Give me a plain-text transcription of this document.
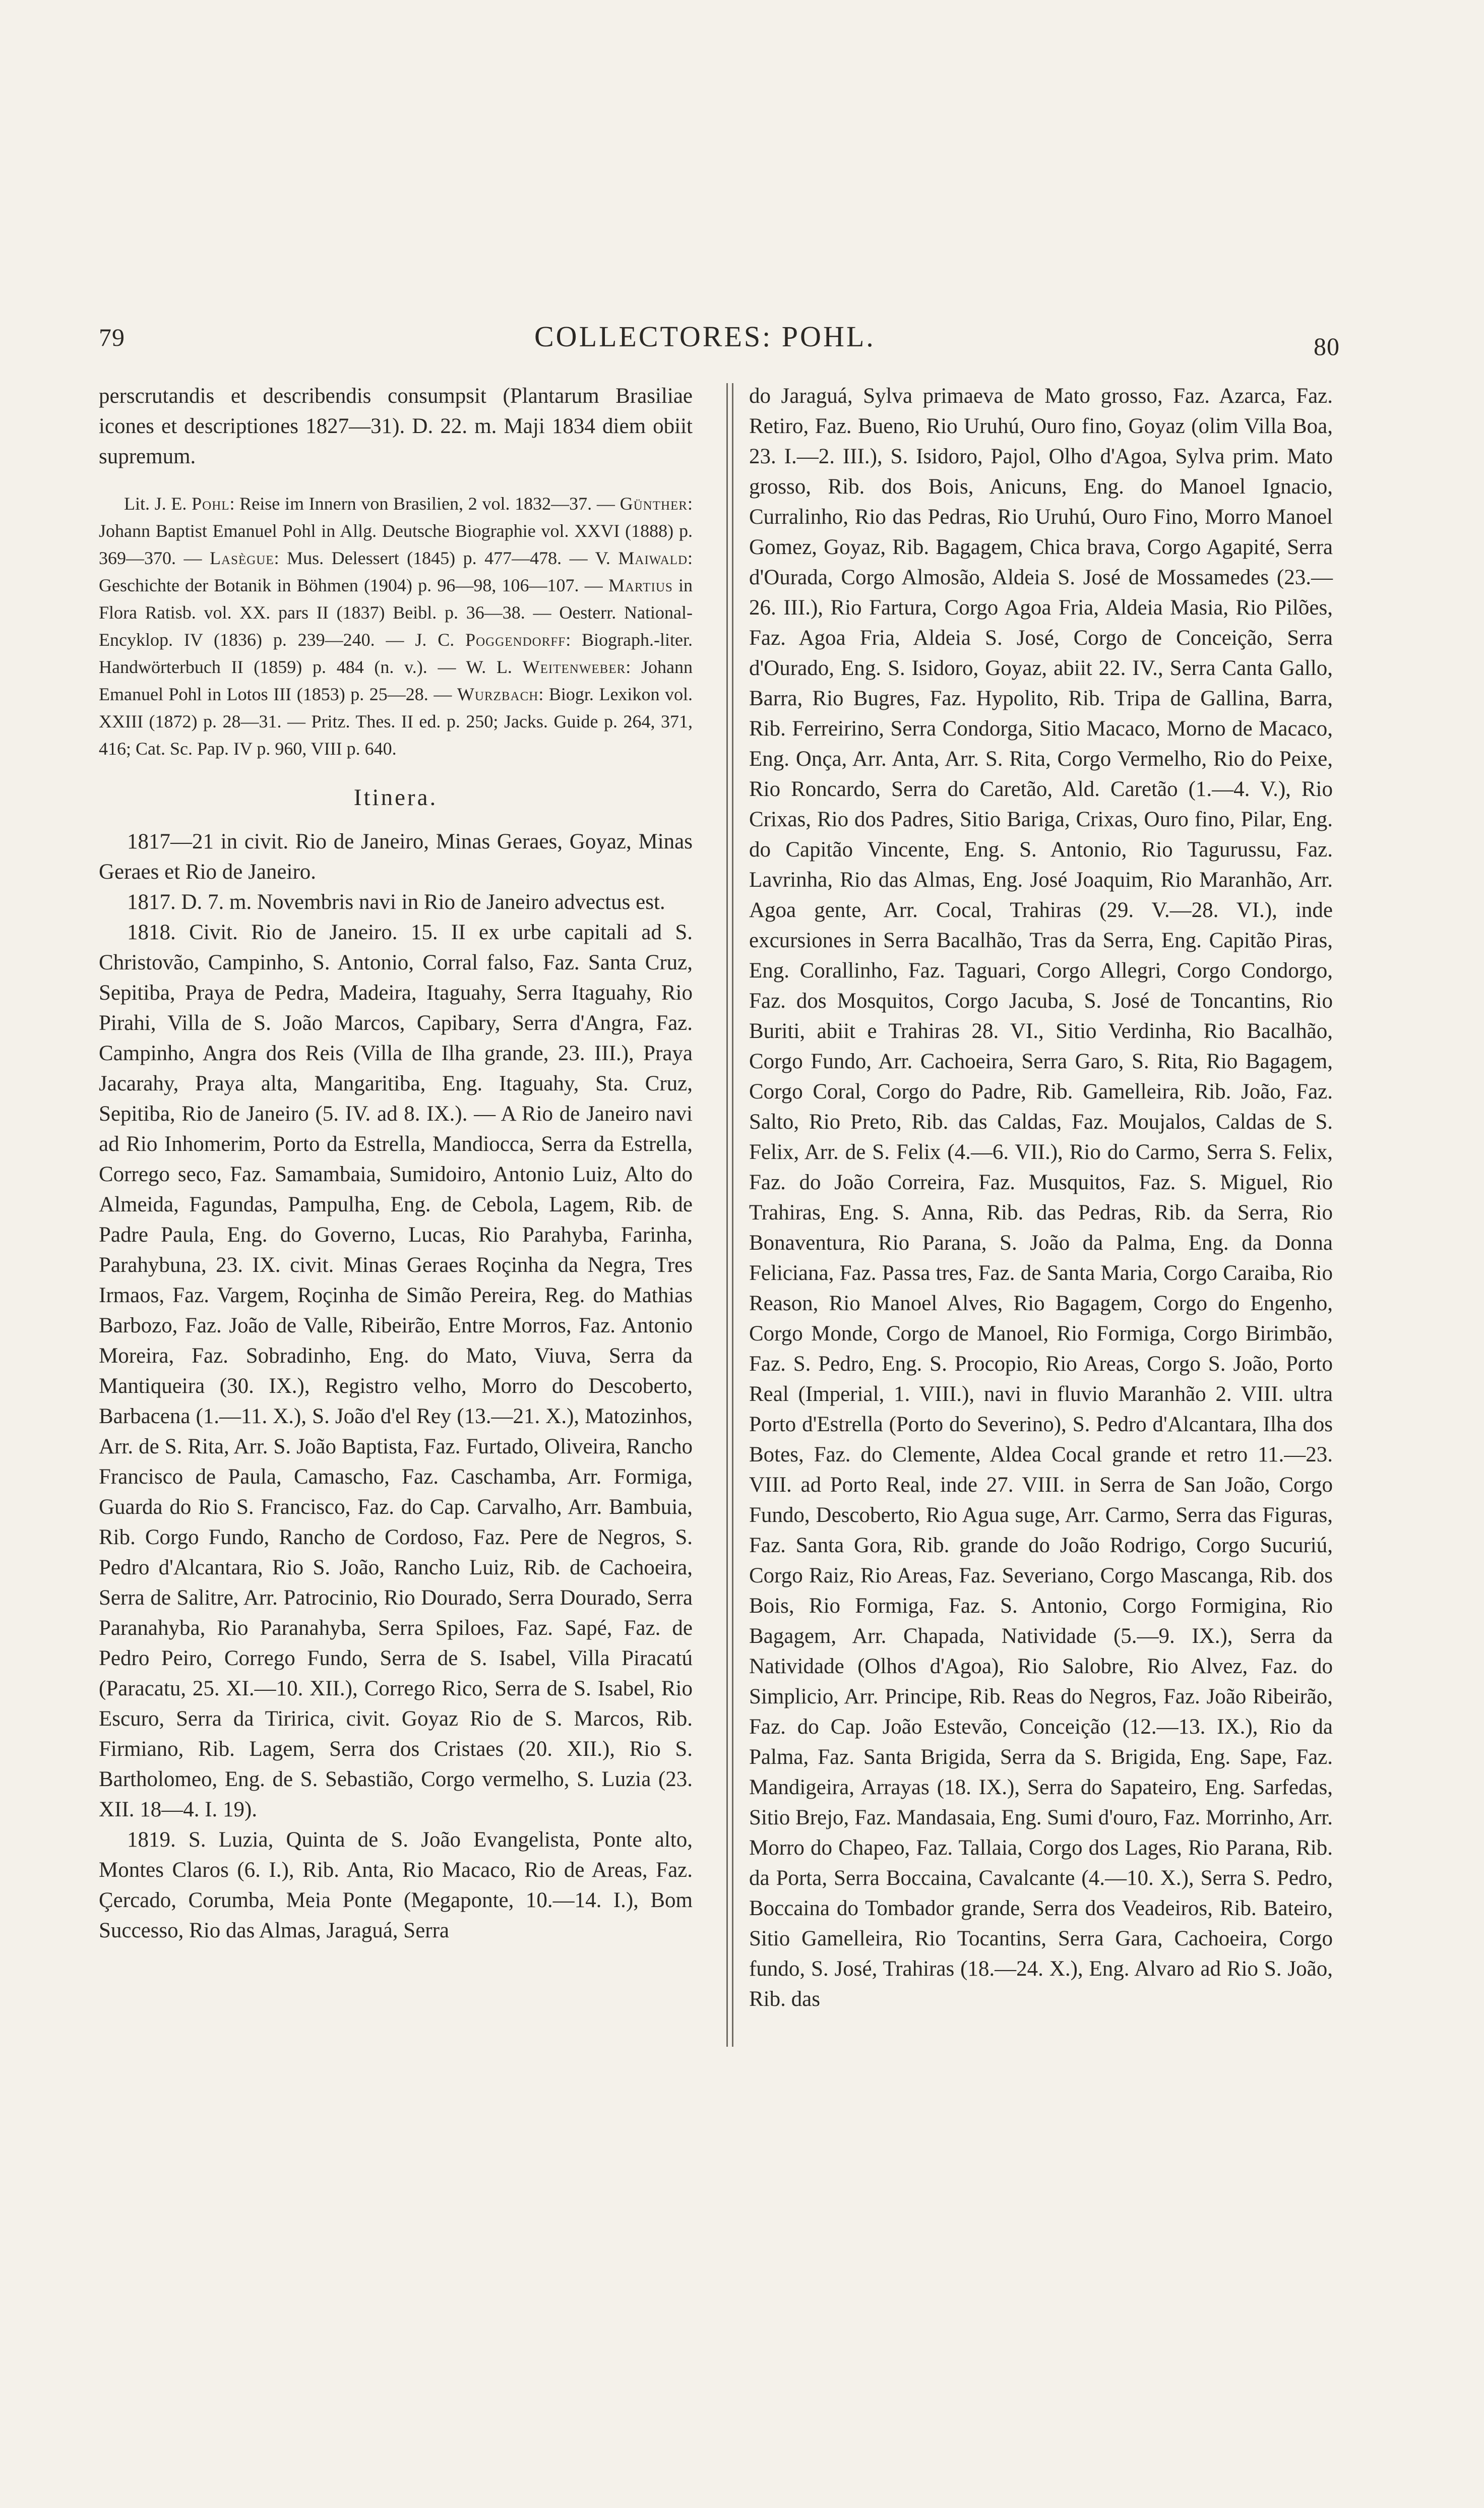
79	COLLECTORES: POHL.	80

perscrutandis et describendis consumpsit (Plantarum Brasiliae icones et descriptiones 1827—31). D. 22. m. Maji 1834 diem obiit supremum.

Lit. J. E. Pohl: Reise im Innern von Brasilien, 2 vol. 1832—37. — Günther: Johann Baptist Emanuel Pohl in Allg. Deutsche Biographie vol. XXVI (1888) p. 369—370. — Lasègue: Mus. Delessert (1845) p. 477—478. — V. Maiwald: Geschichte der Botanik in Böhmen (1904) p. 96—98, 106—107. — Martius in Flora Ratisb. vol. XX. pars II (1837) Beibl. p. 36—38. — Oesterr. National-Encyklop. IV (1836) p. 239—240. — J. C. Poggendorff: Biograph.-liter. Handwörterbuch II (1859) p. 484 (n. v.). — W. L. Weitenweber: Johann Emanuel Pohl in Lotos III (1853) p. 25—28. — Wurzbach: Biogr. Lexikon vol. XXIII (1872) p. 28—31. — Pritz. Thes. II ed. p. 250; Jacks. Guide p. 264, 371, 416; Cat. Sc. Pap. IV p. 960, VIII p. 640.

Itinera.

1817—21 in civit. Rio de Janeiro, Minas Geraes, Goyaz, Minas Geraes et Rio de Janeiro.

1817. D. 7. m. Novembris navi in Rio de Janeiro advectus est.

1818. Civit. Rio de Janeiro. 15. II ex urbe capitali ad S. Christovão, Campinho, S. Antonio, Corral falso, Faz. Santa Cruz, Sepitiba, Praya de Pedra, Madeira, Itaguahy, Serra Itaguahy, Rio Pirahi, Villa de S. João Marcos, Capibary, Serra d'Angra, Faz. Campinho, Angra dos Reis (Villa de Ilha grande, 23. III.), Praya Jacarahy, Praya alta, Mangaritiba, Eng. Itaguahy, Sta. Cruz, Sepitiba, Rio de Janeiro (5. IV. ad 8. IX.). — A Rio de Janeiro navi ad Rio Inhomerim, Porto da Estrella, Mandiocca, Serra da Estrella, Corrego seco, Faz. Samambaia, Sumidoiro, Antonio Luiz, Alto do Almeida, Fagundas, Pampulha, Eng. de Cebola, Lagem, Rib. de Padre Paula, Eng. do Governo, Lucas, Rio Parahyba, Farinha, Parahybuna, 23. IX. civit. Minas Geraes Roçinha da Negra, Tres Irmaos, Faz. Vargem, Roçinha de Simão Pereira, Reg. do Mathias Barbozo, Faz. João de Valle, Ribeirão, Entre Morros, Faz. Antonio Moreira, Faz. Sobradinho, Eng. do Mato, Viuva, Serra da Mantiqueira (30. IX.), Registro velho, Morro do Descoberto, Barbacena (1.—11. X.), S. João d'el Rey (13.—21. X.), Matozinhos, Arr. de S. Rita, Arr. S. João Baptista, Faz. Furtado, Oliveira, Rancho Francisco de Paula, Camascho, Faz. Caschamba, Arr. Formiga, Guarda do Rio S. Francisco, Faz. do Cap. Carvalho, Arr. Bambuia, Rib. Corgo Fundo, Rancho de Cordoso, Faz. Pere de Negros, S. Pedro d'Alcantara, Rio S. João, Rancho Luiz, Rib. de Cachoeira, Serra de Salitre, Arr. Patrocinio, Rio Dourado, Serra Dourado, Serra Paranahyba, Rio Paranahyba, Serra Spiloes, Faz. Sapé, Faz. de Pedro Peiro, Corrego Fundo, Serra de S. Isabel, Villa Piracatú (Paracatu, 25. XI.—10. XII.), Corrego Rico, Serra de S. Isabel, Rio Escuro, Serra da Tiririca, civit. Goyaz Rio de S. Marcos, Rib. Firmiano, Rib. Lagem, Serra dos Cristaes (20. XII.), Rio S. Bartholomeo, Eng. de S. Sebastião, Corgo vermelho, S. Luzia (23. XII. 18—4. I. 19).

1819. S. Luzia, Quinta de S. João Evangelista, Ponte alto, Montes Claros (6. I.), Rib. Anta, Rio Macaco, Rio de Areas, Faz. Çercado, Corumba, Meia Ponte (Megaponte, 10.—14. I.), Bom Successo, Rio das Almas, Jaraguá, Serra

do Jaraguá, Sylva primaeva de Mato grosso, Faz. Azarca, Faz. Retiro, Faz. Bueno, Rio Uruhú, Ouro fino, Goyaz (olim Villa Boa, 23. I.—2. III.), S. Isidoro, Pajol, Olho d'Agoa, Sylva prim. Mato grosso, Rib. dos Bois, Anicuns, Eng. do Manoel Ignacio, Curralinho, Rio das Pedras, Rio Uruhú, Ouro Fino, Morro Manoel Gomez, Goyaz, Rib. Bagagem, Chica brava, Corgo Agapité, Serra d'Ourada, Corgo Almosão, Aldeia S. José de Mossamedes (23.—26. III.), Rio Fartura, Corgo Agoa Fria, Aldeia Masia, Rio Pilões, Faz. Agoa Fria, Aldeia S. José, Corgo de Conceição, Serra d'Ourado, Eng. S. Isidoro, Goyaz, abiit 22. IV., Serra Canta Gallo, Barra, Rio Bugres, Faz. Hypolito, Rib. Tripa de Gallina, Barra, Rib. Ferreirino, Serra Condorga, Sitio Macaco, Morno de Macaco, Eng. Onça, Arr. Anta, Arr. S. Rita, Corgo Vermelho, Rio do Peixe, Rio Roncardo, Serra do Caretão, Ald. Caretão (1.—4. V.), Rio Crixas, Rio dos Padres, Sitio Bariga, Crixas, Ouro fino, Pilar, Eng. do Capitão Vincente, Eng. S. Antonio, Rio Tagurussu, Faz. Lavrinha, Rio das Almas, Eng. José Joaquim, Rio Maranhão, Arr. Agoa gente, Arr. Cocal, Trahiras (29. V.—28. VI.), inde excursiones in Serra Bacalhão, Tras da Serra, Eng. Capitão Piras, Eng. Corallinho, Faz. Taguari, Corgo Allegri, Corgo Condorgo, Faz. dos Mosquitos, Corgo Jacuba, S. José de Toncantins, Rio Buriti, abiit e Trahiras 28. VI., Sitio Verdinha, Rio Bacalhão, Corgo Fundo, Arr. Cachoeira, Serra Garo, S. Rita, Rio Bagagem, Corgo Coral, Corgo do Padre, Rib. Gamelleira, Rib. João, Faz. Salto, Rio Preto, Rib. das Caldas, Faz. Moujalos, Caldas de S. Felix, Arr. de S. Felix (4.—6. VII.), Rio do Carmo, Serra S. Felix, Faz. do João Correira, Faz. Musquitos, Faz. S. Miguel, Rio Trahiras, Eng. S. Anna, Rib. das Pedras, Rib. da Serra, Rio Bonaventura, Rio Parana, S. João da Palma, Eng. da Donna Feliciana, Faz. Passa tres, Faz. de Santa Maria, Corgo Caraiba, Rio Reason, Rio Manoel Alves, Rio Bagagem, Corgo do Engenho, Corgo Monde, Corgo de Manoel, Rio Formiga, Corgo Birimbão, Faz. S. Pedro, Eng. S. Procopio, Rio Areas, Corgo S. João, Porto Real (Imperial, 1. VIII.), navi in fluvio Maranhão 2. VIII. ultra Porto d'Estrella (Porto do Severino), S. Pedro d'Alcantara, Ilha dos Botes, Faz. do Clemente, Aldea Cocal grande et retro 11.—23. VIII. ad Porto Real, inde 27. VIII. in Serra de San João, Corgo Fundo, Descoberto, Rio Agua suge, Arr. Carmo, Serra das Figuras, Faz. Santa Gora, Rib. grande do João Rodrigo, Corgo Sucuriú, Corgo Raiz, Rio Areas, Faz. Severiano, Corgo Mascanga, Rib. dos Bois, Rio Formiga, Faz. S. Antonio, Corgo Formigina, Rio Bagagem, Arr. Chapada, Natividade (5.—9. IX.), Serra da Natividade (Olhos d'Agoa), Rio Salobre, Rio Alvez, Faz. do Simplicio, Arr. Principe, Rib. Reas do Negros, Faz. João Ribeirão, Faz. do Cap. João Estevão, Conceição (12.—13. IX.), Rio da Palma, Faz. Santa Brigida, Serra da S. Brigida, Eng. Sape, Faz. Mandigeira, Arrayas (18. IX.), Serra do Sapateiro, Eng. Sarfedas, Sitio Brejo, Faz. Mandasaia, Eng. Sumi d'ouro, Faz. Morrinho, Arr. Morro do Chapeo, Faz. Tallaia, Corgo dos Lages, Rio Parana, Rib. da Porta, Serra Boccaina, Cavalcante (4.—10. X.), Serra S. Pedro, Boccaina do Tombador grande, Serra dos Veadeiros, Rib. Bateiro, Sitio Gamelleira, Rio Tocantins, Serra Gara, Cachoeira, Corgo fundo, S. José, Trahiras (18.—24. X.), Eng. Alvaro ad Rio S. João, Rib. das
